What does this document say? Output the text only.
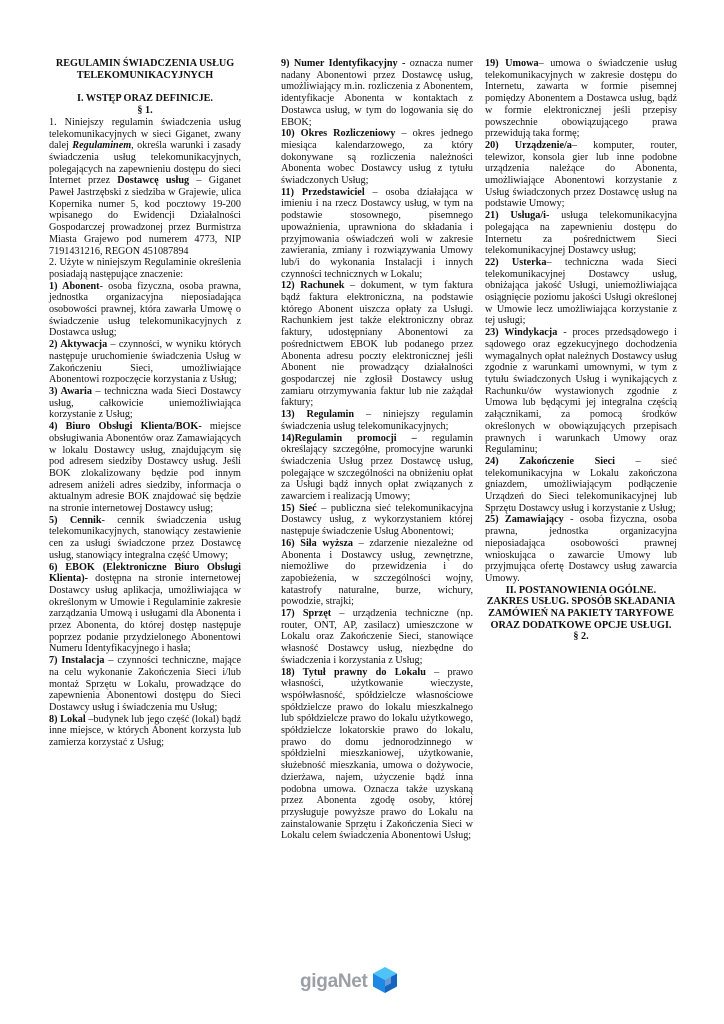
REGULAMIN ŚWIADCZENIA USŁUG TELEKOMUNIKACYJNYCH

I. WSTĘP ORAZ DEFINICJE.

§ 1.

1. Niniejszy regulamin świadczenia usług telekomunikacyjnych w sieci Giganet, zwany dalej Regulaminem, określa warunki i zasady świadczenia usług telekomunikacyjnych, polegających na zapewnieniu dostępu do sieci Internet przez Dostawcę usług – Giganet Paweł Jastrzębski z siedziba w Grajewie, ulica Kopernika numer 5, kod pocztowy 19-200 wpisanego do Ewidencji Działalności Gospodarczej prowadzonej przez Burmistrza Miasta Grajewo pod numerem 4773, NIP 7191431216, REGON 451087894

2. Użyte w niniejszym Regulaminie określenia posiadają następujące znaczenie:

1) Abonent- osoba fizyczna, osoba prawna, jednostka organizacyjna nieposiadająca osobowości prawnej, która zawarła Umowę o świadczenie usług telekomunikacyjnych z Dostawca usług;

2) Aktywacja – czynności, w wyniku których następuje uruchomienie świadczenia Usług w Zakończeniu Sieci, umożliwiające Abonentowi rozpoczęcie korzystania z Usług;

3) Awaria – techniczna wada Sieci Dostawcy usług, całkowicie uniemożliwiająca korzystanie z Usług;

4) Biuro Obsługi Klienta/BOK- miejsce obsługiwania Abonentów oraz Zamawiających w lokalu Dostawcy usług, znajdującym się pod adresem siedziby Dostawcy usług. Jeśli BOK zlokalizowany będzie pod innym adresem aniżeli adres siedziby, informacja o aktualnym adresie BOK znajdować się będzie na stronie internetowej Dostawcy usług;

5) Cennik- cennik świadczenia usług telekomunikacyjnych, stanowiący zestawienie cen za usługi świadczone przez Dostawcę usług, stanowiący integralna część Umowy;

6) EBOK (Elektroniczne Biuro Obsługi Klienta)- dostępna na stronie internetowej Dostawcy usług aplikacja, umożliwiająca w określonym w Umowie i Regulaminie zakresie zarządzania Umową i usługami dla Abonenta i przez Abonenta, do której dostęp następuje poprzez podanie przydzielonego Abonentowi Numeru Identyfikacyjnego i hasła;

7) Instalacja – czynności techniczne, mające na celu wykonanie Zakończenia Sieci i/lub montaż Sprzętu w Lokalu, prowadzące do zapewnienia Abonentowi dostępu do Sieci Dostawcy usług i świadczenia mu Usług;

8) Lokal –budynek lub jego część (lokal) bądź inne miejsce, w których Abonent korzysta lub zamierza korzystać z Usług;

9) Numer Identyfikacyjny - oznacza numer nadany Abonentowi przez Dostawcę usług, umożliwiający m.in. rozliczenia z Abonentem, identyfikacje Abonenta w kontaktach z Dostawca usług, w tym do logowania się do EBOK;

10) Okres Rozliczeniowy – okres jednego miesiąca kalendarzowego, za który dokonywane są rozliczenia należności Abonenta wobec Dostawcy usług z tytułu świadczonych Usług;

11) Przedstawiciel – osoba działająca w imieniu i na rzecz Dostawcy usług, w tym na podstawie stosownego, pisemnego upoważnienia, uprawniona do składania i przyjmowania oświadczeń woli w zakresie zawierania, zmiany i rozwiązywania Umowy lub/i do wykonania Instalacji i innych czynności technicznych w Lokalu;

12) Rachunek – dokument, w tym faktura bądź faktura elektroniczna, na podstawie którego Abonent uiszcza opłaty za Usługi. Rachunkiem jest także elektroniczny obraz faktury, udostępniany Abonentowi za pośrednictwem EBOK lub podanego przez Abonenta adresu poczty elektronicznej jeśli Abonent nie prowadzący działalności gospodarczej nie zgłosił Dostawcy usług zamiaru otrzymywania faktur lub nie zażądał faktury;

13) Regulamin – niniejszy regulamin świadczenia usług telekomunikacyjnych;

14)Regulamin promocji – regulamin określający szczegółne, promocyjne warunki świadczenia Usług przez Dostawcę usług, polegające w szczególności na obniżeniu opłat za Usługi bądź innych opłat związanych z zawarciem i realizacją Umowy;

15) Sieć – publiczna sieć telekomunikacyjna Dostawcy usług, z wykorzystaniem której następuje świadczenie Usług Abonentowi;

16) Siła wyższa – zdarzenie niezależne od Abonenta i Dostawcy usług, zewnętrzne, niemożliwe do przewidzenia i do zapobieżenia, w szczególności wojny, katastrofy naturalne, burze, wichury, powodzie, strajki;

17) Sprzęt – urządzenia techniczne (np. router, ONT, AP, zasilacz) umieszczone w Lokalu oraz Zakończenie Sieci, stanowiące własność Dostawcy usług, niezbędne do świadczenia i korzystania z Usług;

18) Tytuł prawny do Lokalu – prawo własności, użytkowanie wieczyste, współwłasność, spółdzielcze własnościowe spółdzielcze prawo do lokalu mieszkalnego lub spółdzielcze prawo do lokalu użytkowego, spółdzielcze lokatorskie prawo do lokalu, prawo do domu jednorodzinnego w spółdzielni mieszkaniowej, użytkowanie, służebność mieszkania, umowa o dożywocie, dzierżawa, najem, użyczenie bądź inna podobna umowa. Oznacza także uzyskaną przez Abonenta zgodę osoby, której przysługuje powyższe prawo do Lokalu na zainstalowanie Sprzętu i Zakończenia Sieci w Lokalu celem świadczenia Abonentowi Usług;

19) Umowa– umowa o świadczenie usług telekomunikacyjnych w zakresie dostępu do Internetu, zawarta w formie pisemnej pomiędzy Abonentem a Dostawca usług, bądź w formie elektronicznej jeśli przepisy powszechnie obowiązującego prawa przewidują taka formę;

20) Urządzenie/a– komputer, router, telewizor, konsola gier lub inne podobne urządzenia należące do Abonenta, umożliwiające Abonentowi korzystanie z Usług świadczonych przez Dostawcę usług na podstawie Umowy;

21) Usługa/i- usługa telekomunikacyjna polegająca na zapewnieniu dostępu do Internetu za pośrednictwem Sieci telekomunikacyjnej Dostawcy usług;

22) Usterka– techniczna wada Sieci telekomunikacyjnej Dostawcy usług, obniżająca jakość Usługi, uniemożliwiająca osiągnięcie poziomu jakości Usługi określonej w Umowie lecz umożliwiająca korzystanie z tej usługi;

23) Windykacja - proces przedsądowego i sądowego oraz egzekucyjnego dochodzenia wymagalnych opłat należnych Dostawcy usług zgodnie z warunkami umownymi, w tym z tytułu świadczonych Usług i wynikających z Rachunku/ów wystawionych zgodnie z Umowa lub będącymi jej integralna częścią załącznikami, za pomocą środków określonych w obowiązujących przepisach prawnych i warunkach Umowy oraz Regulaminu;

24) Zakończenie Sieci – sieć telekomunikacyjna w Lokalu zakończona gniazdem, umożliwiającym podłączenie Urządzeń do Sieci telekomunikacyjnej lub Sprzętu Dostawcy usług i korzystanie z Usług;

25) Zamawiający - osoba fizyczna, osoba prawna, jednostka organizacyjna nieposiadająca osobowości prawnej wnioskująca o zawarcie Umowy lub przyjmująca ofertę Dostawcy usług zawarcia Umowy.

II. POSTANOWIENIA OGÓLNE. ZAKRES USŁUG. SPOSÓB SKŁADANIA ZAMÓWIEŃ NA PAKIETY TARYFOWE ORAZ DODATKOWE OPCJE USŁUGI.

§ 2.

gigaNet
